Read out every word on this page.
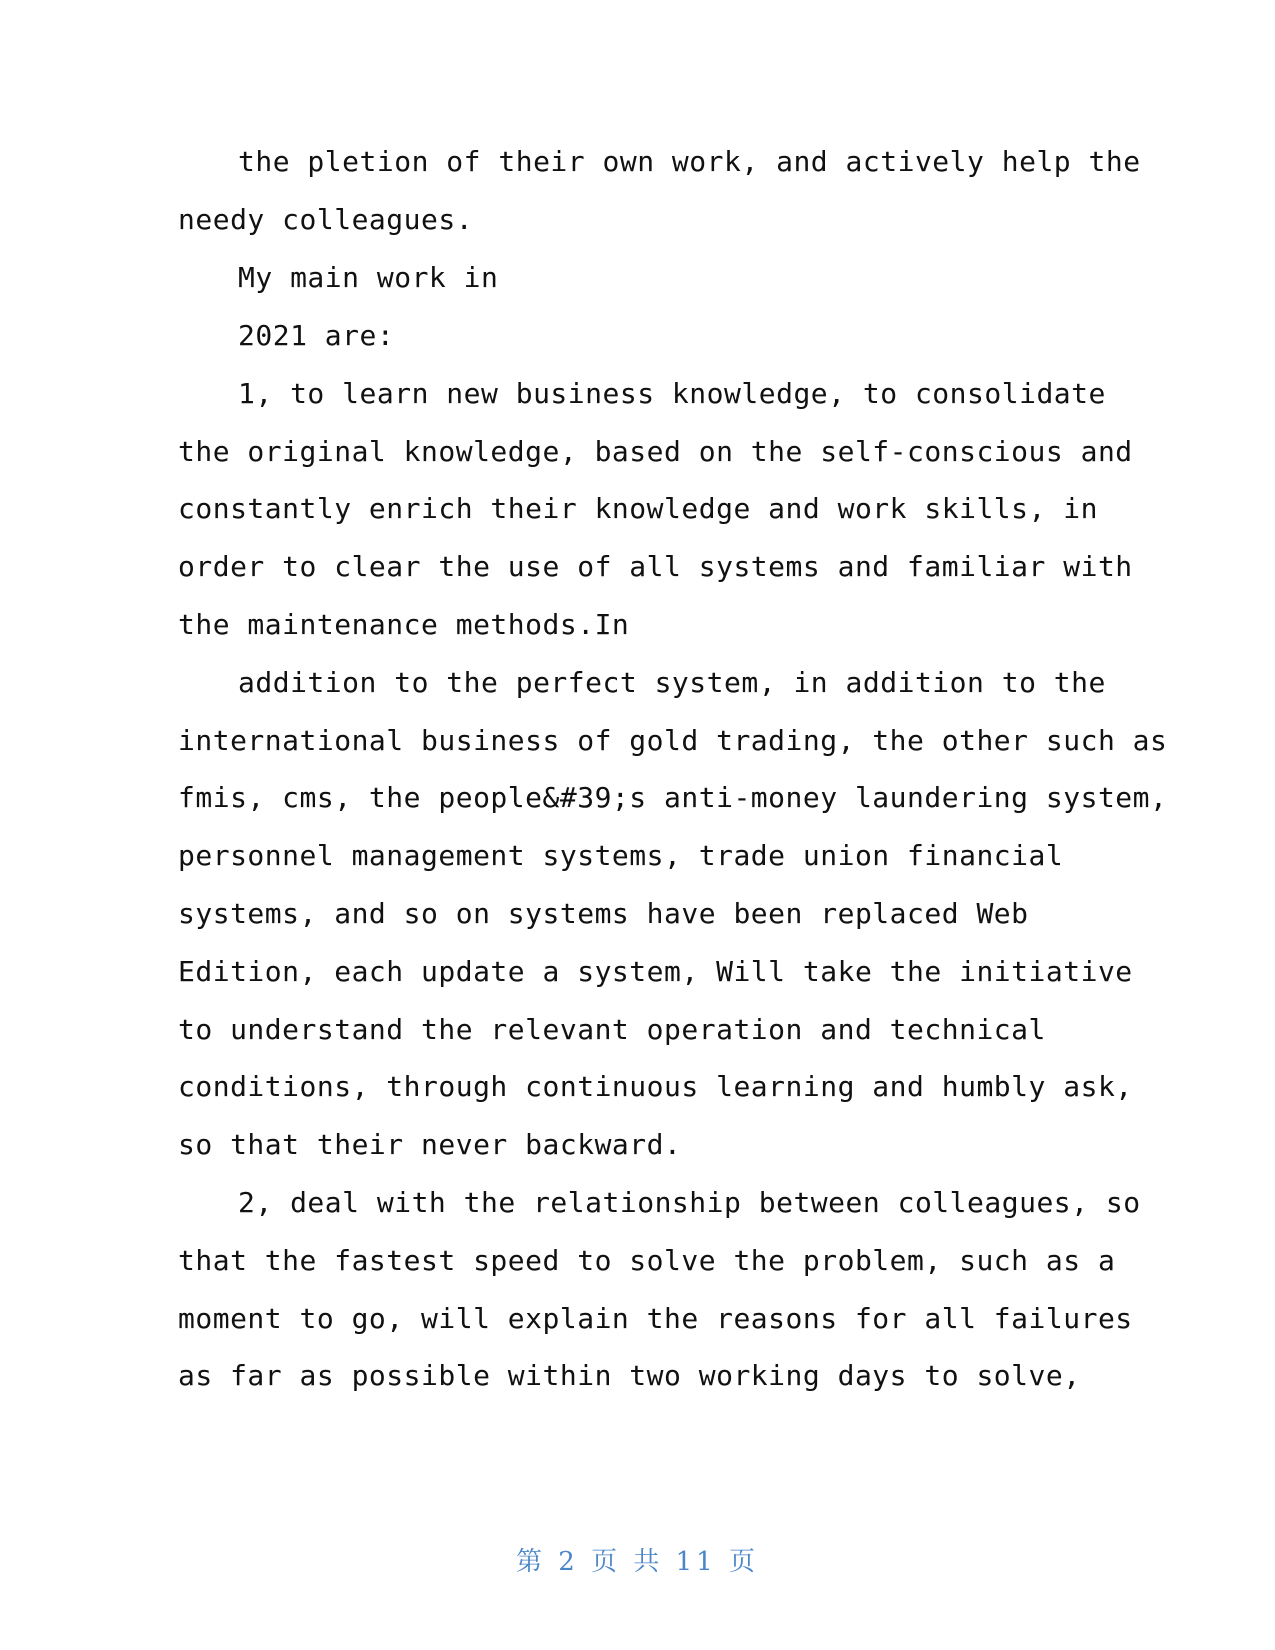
the pletion of their own work, and actively help the
needy colleagues.
My main work in
2021 are:
1, to learn new business knowledge, to consolidate
the original knowledge, based on the self-conscious and
constantly enrich their knowledge and work skills, in
order to clear the use of all systems and familiar with
the maintenance methods.In
addition to the perfect system, in addition to the
international business of gold trading, the other such as
fmis, cms, the people&#39;s anti-money laundering system,
personnel management systems, trade union financial
systems, and so on systems have been replaced Web
Edition, each update a system, Will take the initiative
to understand the relevant operation and technical
conditions, through continuous learning and humbly ask,
so that their never backward.
2, deal with the relationship between colleagues, so
that the fastest speed to solve the problem, such as a
moment to go, will explain the reasons for all failures
as far as possible within two working days to solve,
第 2 页 共 11 页
